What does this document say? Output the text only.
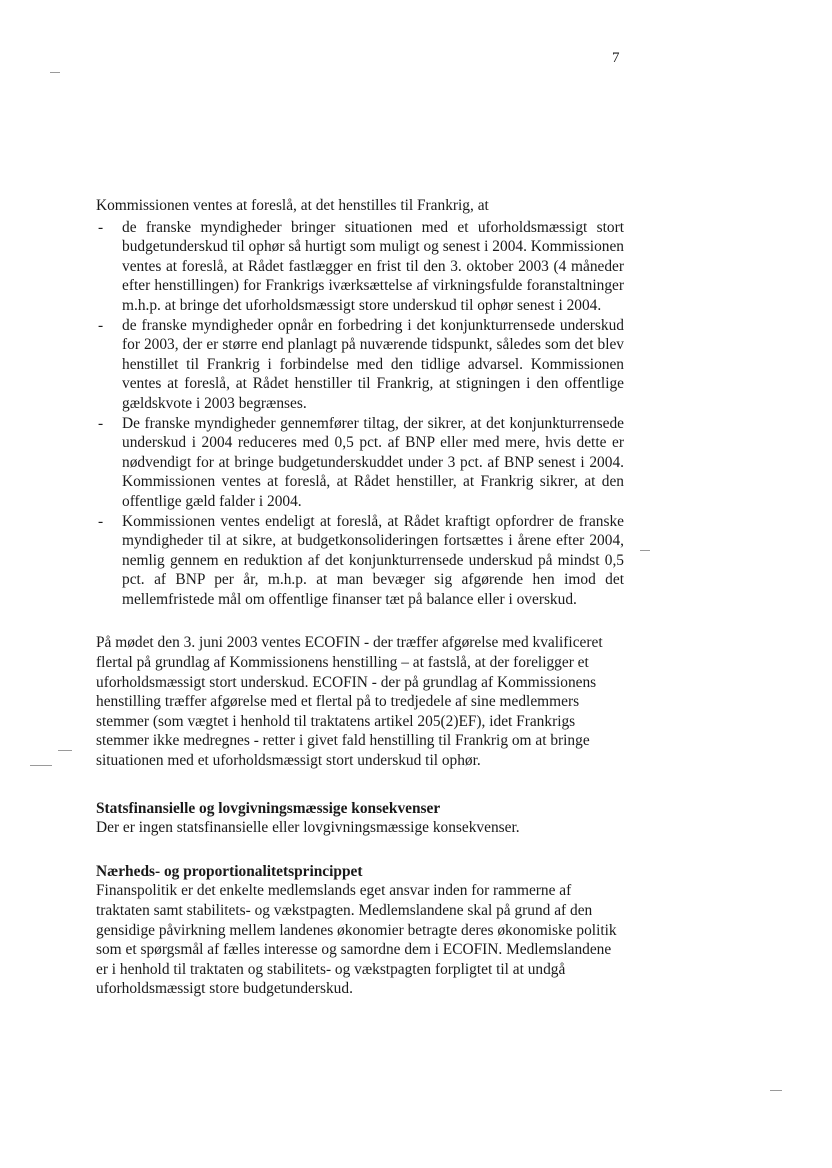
7

Kommissionen ventes at foreslå, at det henstilles til Frankrig, at

- de franske myndigheder bringer situationen med et uforholdsmæssigt stort budgetunderskud til ophør så hurtigt som muligt og senest i 2004. Kommissionen ventes at foreslå, at Rådet fastlægger en frist til den 3. oktober 2003 (4 måneder efter henstillingen) for Frankrigs iværksættelse af virkningsfulde foranstaltninger m.h.p. at bringe det uforholdsmæssigt store underskud til ophør senest i 2004.
- de franske myndigheder opnår en forbedring i det konjunkturrensede underskud for 2003, der er større end planlagt på nuværende tidspunkt, således som det blev henstillet til Frankrig i forbindelse med den tidlige advarsel. Kommissionen ventes at foreslå, at Rådet henstiller til Frankrig, at stigningen i den offentlige gældskvote i 2003 begrænses.
- De franske myndigheder gennemfører tiltag, der sikrer, at det konjunkturrensede underskud i 2004 reduceres med 0,5 pct. af BNP eller med mere, hvis dette er nødvendigt for at bringe budgetunderskuddet under 3 pct. af BNP senest i 2004. Kommissionen ventes at foreslå, at Rådet henstiller, at Frankrig sikrer, at den offentlige gæld falder i 2004.
- Kommissionen ventes endeligt at foreslå, at Rådet kraftigt opfordrer de franske myndigheder til at sikre, at budgetkonsolideringen fortsættes i årene efter 2004, nemlig gennem en reduktion af det konjunkturrensede underskud på mindst 0,5 pct. af BNP per år, m.h.p. at man bevæger sig afgørende hen imod det mellemfristede mål om offentlige finanser tæt på balance eller i overskud.

På mødet den 3. juni 2003 ventes ECOFIN - der træffer afgørelse med kvalificeret flertal på grundlag af Kommissionens henstilling – at fastslå, at der foreligger et uforholdsmæssigt stort underskud. ECOFIN - der på grundlag af Kommissionens henstilling træffer afgørelse med et flertal på to tredjedele af sine medlemmers stemmer (som vægtet i henhold til traktatens artikel 205(2)EF), idet Frankrigs stemmer ikke medregnes - retter i givet fald henstilling til Frankrig om at bringe situationen med et uforholdsmæssigt stort underskud til ophør.

Statsfinansielle og lovgivningsmæssige konsekvenser

Der er ingen statsfinansielle eller lovgivningsmæssige konsekvenser.

Nærheds- og proportionalitetsprincippet

Finanspolitik er det enkelte medlemslands eget ansvar inden for rammerne af traktaten samt stabilitets- og vækstpagten. Medlemslandene skal på grund af den gensidige påvirkning mellem landenes økonomier betragte deres økonomiske politik som et spørgsmål af fælles interesse og samordne dem i ECOFIN. Medlemslandene er i henhold til traktaten og stabilitets- og vækstpagten forpligtet til at undgå uforholdsmæssigt store budgetunderskud.
